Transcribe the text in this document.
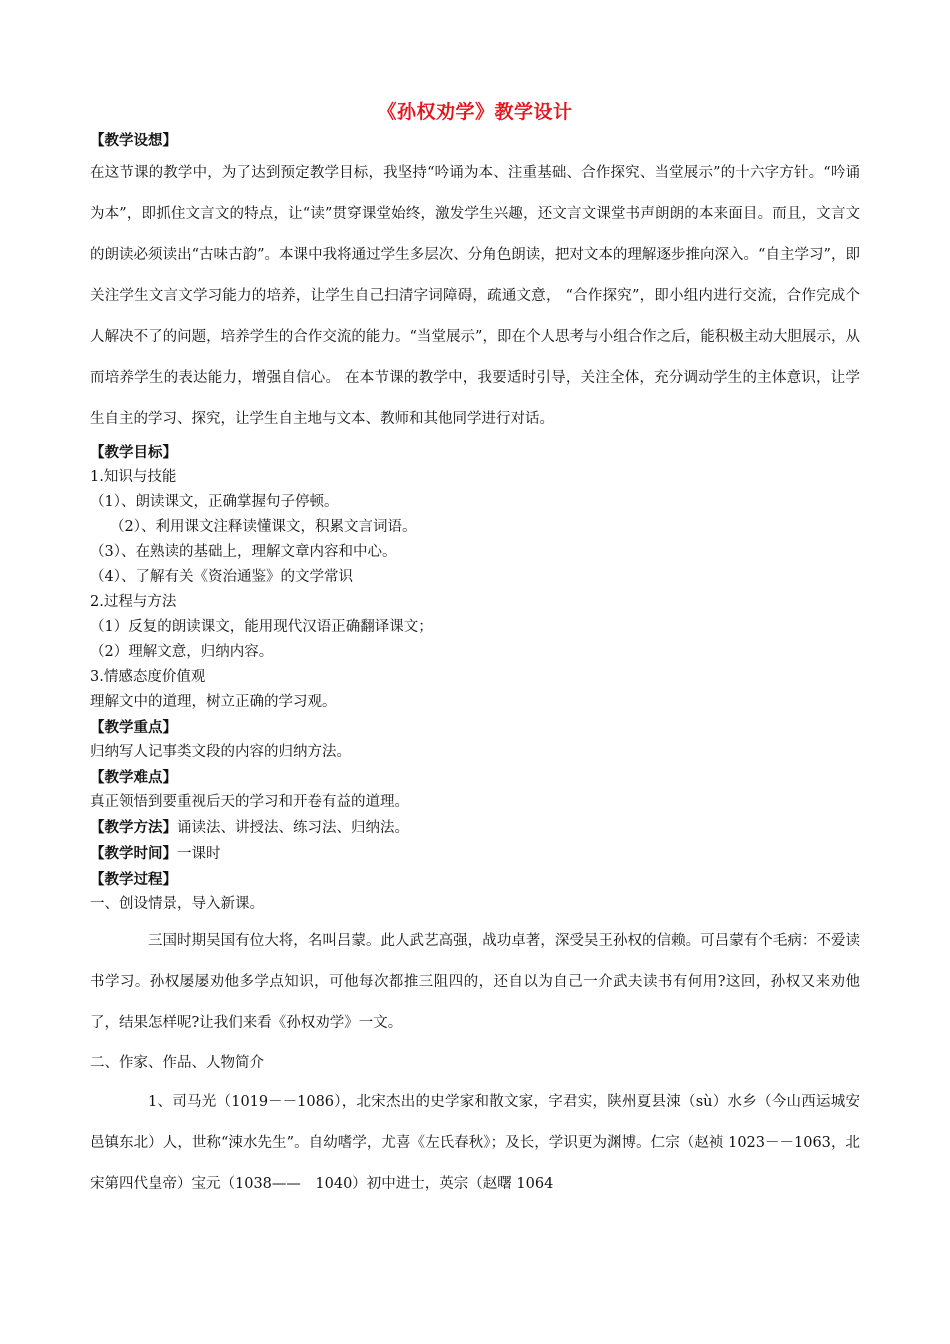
《孙权劝学》教学设计

【教学设想】

在这节课的教学中，为了达到预定教学目标，我坚持“吟诵为本、注重基础、合作探究、当堂展示”的十六字方针。“吟诵为本”，即抓住文言文的特点，让“读”贯穿课堂始终，激发学生兴趣，还文言文课堂书声朗朗的本来面目。而且，文言文的朗读必须读出“古味古韵”。本课中我将通过学生多层次、分角色朗读，把对文本的理解逐步推向深入。“自主学习”，即关注学生文言文学习能力的培养，让学生自己扫清字词障碍，疏通文意， “合作探究”，即小组内进行交流，合作完成个人解决不了的问题，培养学生的合作交流的能力。“当堂展示”，即在个人思考与小组合作之后，能积极主动大胆展示，从而培养学生的表达能力，增强自信心。 在本节课的教学中，我要适时引导，关注全体，充分调动学生的主体意识，让学生自主的学习、探究，让学生自主地与文本、教师和其他同学进行对话。

【教学目标】

1.知识与技能

（1）、朗读课文，正确掌握句子停顿。

（2）、利用课文注释读懂课文，积累文言词语。

（3）、在熟读的基础上，理解文章内容和中心。

（4）、了解有关《资治通鉴》的文学常识

2.过程与方法

（1）反复的朗读课文，能用现代汉语正确翻译课文；

（2）理解文意，归纳内容。

3.情感态度价值观

理解文中的道理，树立正确的学习观。

【教学重点】

归纳写人记事类文段的内容的归纳方法。

【教学难点】

真正领悟到要重视后天的学习和开卷有益的道理。

【教学方法】诵读法、讲授法、练习法、归纳法。

【教学时间】一课时

【教学过程】

一、创设情景，导入新课。

三国时期吴国有位大将，名叫吕蒙。此人武艺高强，战功卓著，深受吴王孙权的信赖。可吕蒙有个毛病：不爱读书学习。孙权屡屡劝他多学点知识，可他每次都推三阻四的，还自以为自己一介武夫读书有何用?这回，孙权又来劝他了，结果怎样呢?让我们来看《孙权劝学》一文。

二、作家、作品、人物简介

1、司马光（1019－－1086），北宋杰出的史学家和散文家，字君实，陕州夏县涑（sù）水乡（今山西运城安邑镇东北）人，世称“涑水先生”。自幼嗜学，尤喜《左氏春秋》；及长，学识更为渊博。仁宗（赵祯 1023－－1063，北宋第四代皇帝）宝元（1038——　1040）初中进士，英宗（赵曙 1064
